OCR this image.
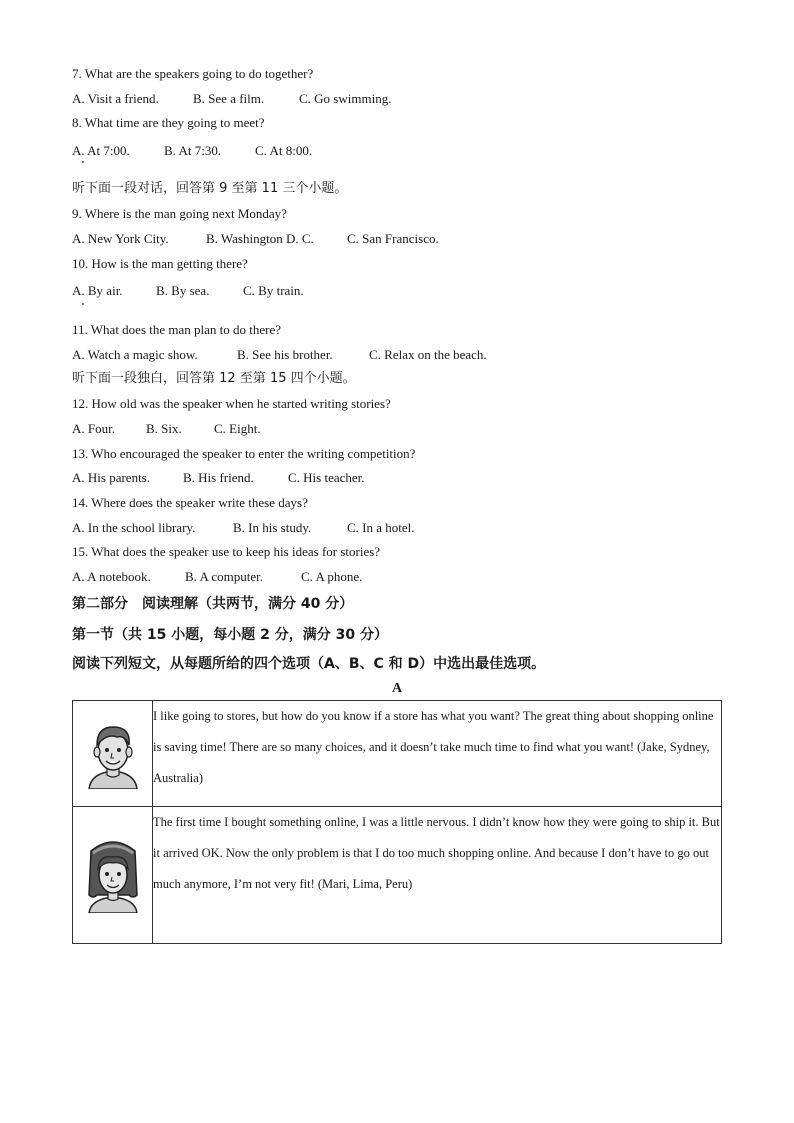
7. What are the speakers going to do together?
A. Visit a friend.	B. See a film.	C. Go swimming.
8. What time are they going to meet?
A. At 7:00.	B. At 7:30.	C. At 8:00.
听下面一段对话，回答第 9 至第 11 三个小题。
9. Where is the man going next Monday?
A. New York City.	B. Washington D. C.	C. San Francisco.
10. How is the man getting there?
A. By air.	B. By sea.	C. By train.
11. What does the man plan to do there?
A. Watch a magic show.	B. See his brother.	C. Relax on the beach.
听下面一段独白，回答第 12 至第 15 四个小题。
12. How old was the speaker when he started writing stories?
A. Four. B. Six. C. Eight.
13. Who encouraged the speaker to enter the writing competition?
A. His parents.	B. His friend.	C. His teacher.
14. Where does the speaker write these days?
A. In the school library.	B. In his study.	C. In a hotel.
15. What does the speaker use to keep his ideas for stories?
A. A notebook.	B. A computer.	C. A phone.
第二部分　阅读理解（共两节，满分 40 分）
第一节（共 15 小题，每小题 2 分，满分 30 分）
阅读下列短文，从每题所给的四个选项（A、B、C 和 D）中选出最佳选项。
A

I like going to stores, but how do you know if a store has what you want? The great thing about shopping online is saving time! There are so many choices, and it doesn’t take much time to find what you want! (Jake, Sydney, Australia)

The first time I bought something online, I was a little nervous. I didn’t know how they were going to ship it. But it arrived OK. Now the only problem is that I do too much shopping online. And because I don’t have to go out much anymore, I’m not very fit! (Mari, Lima, Peru)
